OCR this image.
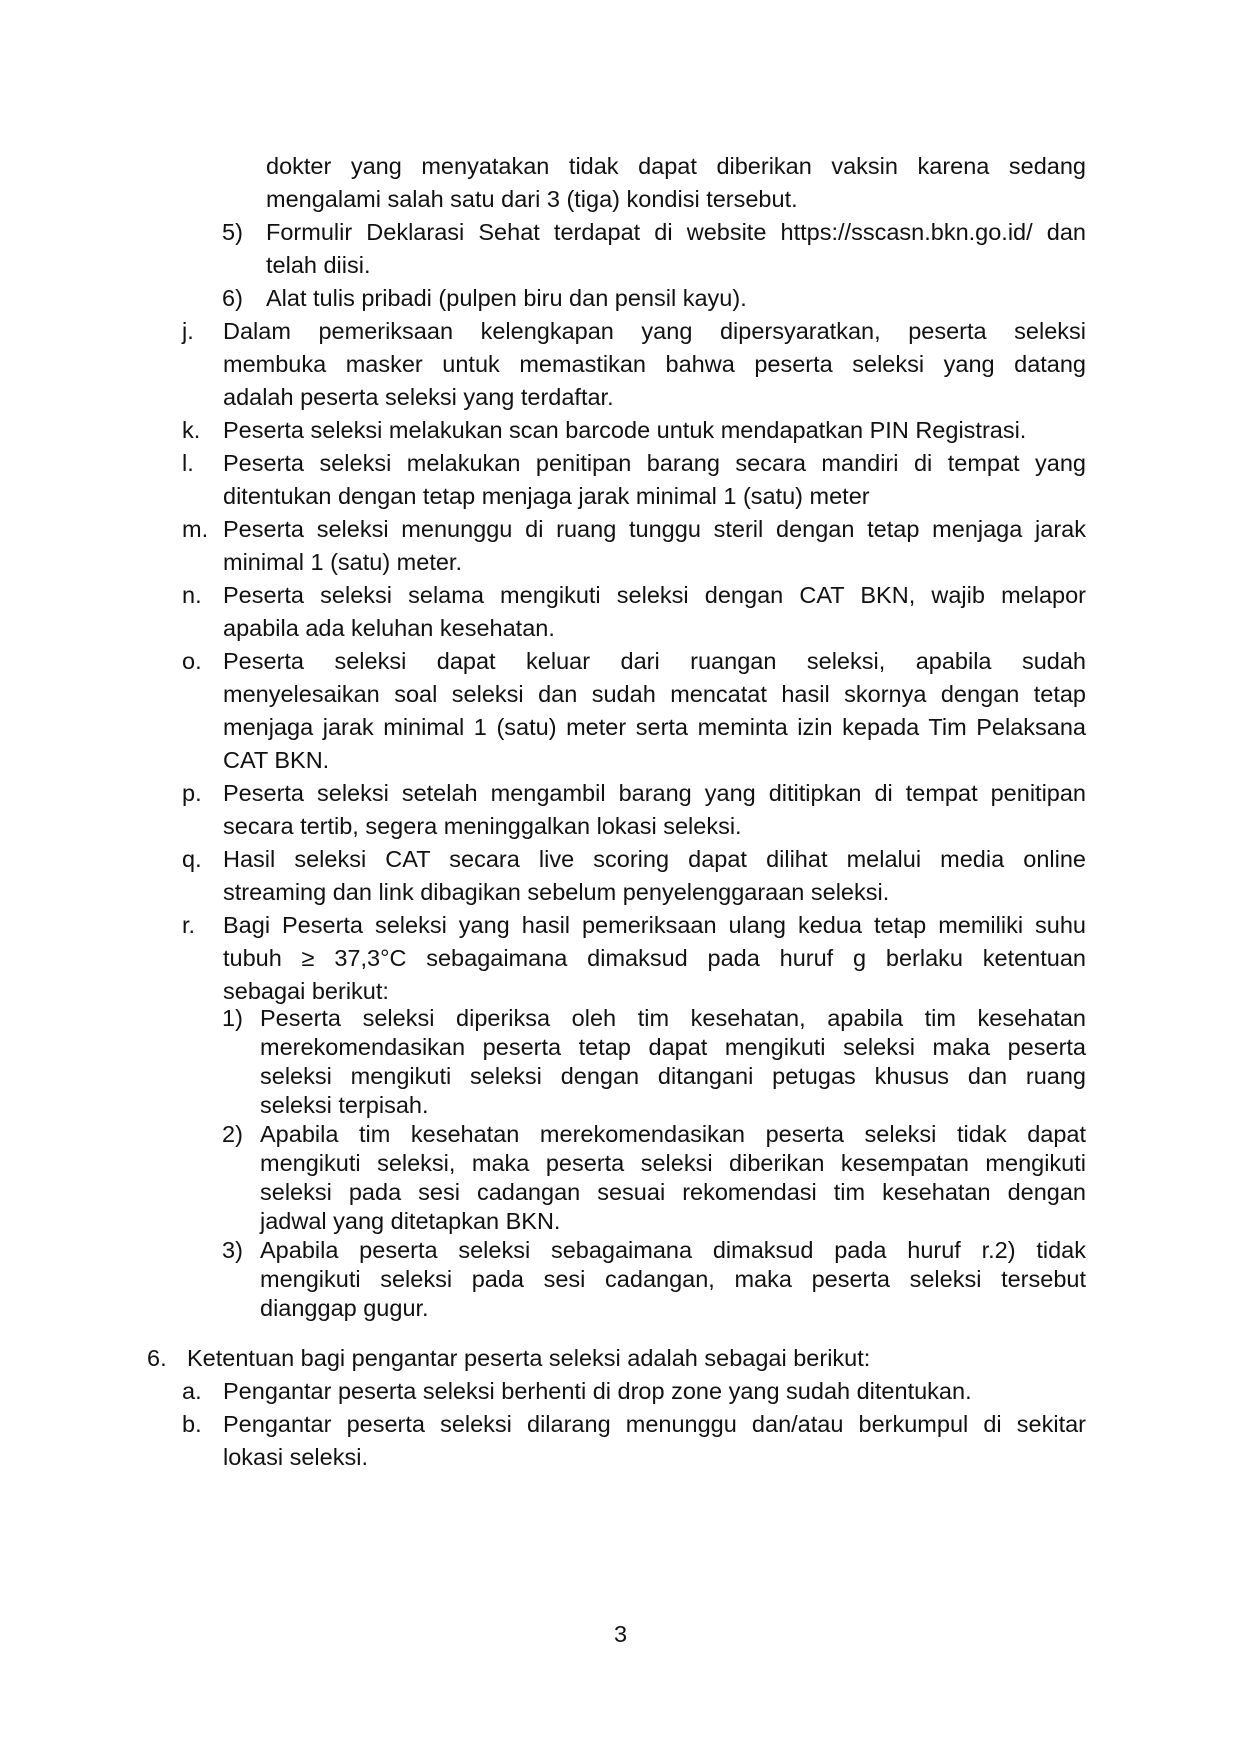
dokter yang menyatakan tidak dapat diberikan vaksin karena sedang
mengalami salah satu dari 3 (tiga) kondisi tersebut.
5) Formulir Deklarasi Sehat terdapat di website https://sscasn.bkn.go.id/ dan
telah diisi.
6) Alat tulis pribadi (pulpen biru dan pensil kayu).
j. Dalam pemeriksaan kelengkapan yang dipersyaratkan, peserta seleksi
membuka masker untuk memastikan bahwa peserta seleksi yang datang
adalah peserta seleksi yang terdaftar.
k. Peserta seleksi melakukan scan barcode untuk mendapatkan PIN Registrasi.
l. Peserta seleksi melakukan penitipan barang secara mandiri di tempat yang
ditentukan dengan tetap menjaga jarak minimal 1 (satu) meter
m. Peserta seleksi menunggu di ruang tunggu steril dengan tetap menjaga jarak
minimal 1 (satu) meter.
n. Peserta seleksi selama mengikuti seleksi dengan CAT BKN, wajib melapor
apabila ada keluhan kesehatan.
o. Peserta seleksi dapat keluar dari ruangan seleksi, apabila sudah
menyelesaikan soal seleksi dan sudah mencatat hasil skornya dengan tetap
menjaga jarak minimal 1 (satu) meter serta meminta izin kepada Tim Pelaksana
CAT BKN.
p. Peserta seleksi setelah mengambil barang yang dititipkan di tempat penitipan
secara tertib, segera meninggalkan lokasi seleksi.
q. Hasil seleksi CAT secara live scoring dapat dilihat melalui media online
streaming dan link dibagikan sebelum penyelenggaraan seleksi.
r. Bagi Peserta seleksi yang hasil pemeriksaan ulang kedua tetap memiliki suhu
tubuh ≥ 37,3°C sebagaimana dimaksud pada huruf g berlaku ketentuan
sebagai berikut:
1) Peserta seleksi diperiksa oleh tim kesehatan, apabila tim kesehatan
merekomendasikan peserta tetap dapat mengikuti seleksi maka peserta
seleksi mengikuti seleksi dengan ditangani petugas khusus dan ruang
seleksi terpisah.
2) Apabila tim kesehatan merekomendasikan peserta seleksi tidak dapat
mengikuti seleksi, maka peserta seleksi diberikan kesempatan mengikuti
seleksi pada sesi cadangan sesuai rekomendasi tim kesehatan dengan
jadwal yang ditetapkan BKN.
3) Apabila peserta seleksi sebagaimana dimaksud pada huruf r.2) tidak
mengikuti seleksi pada sesi cadangan, maka peserta seleksi tersebut
dianggap gugur.
6. Ketentuan bagi pengantar peserta seleksi adalah sebagai berikut:
a. Pengantar peserta seleksi berhenti di drop zone yang sudah ditentukan.
b. Pengantar peserta seleksi dilarang menunggu dan/atau berkumpul di sekitar
lokasi seleksi.
3
